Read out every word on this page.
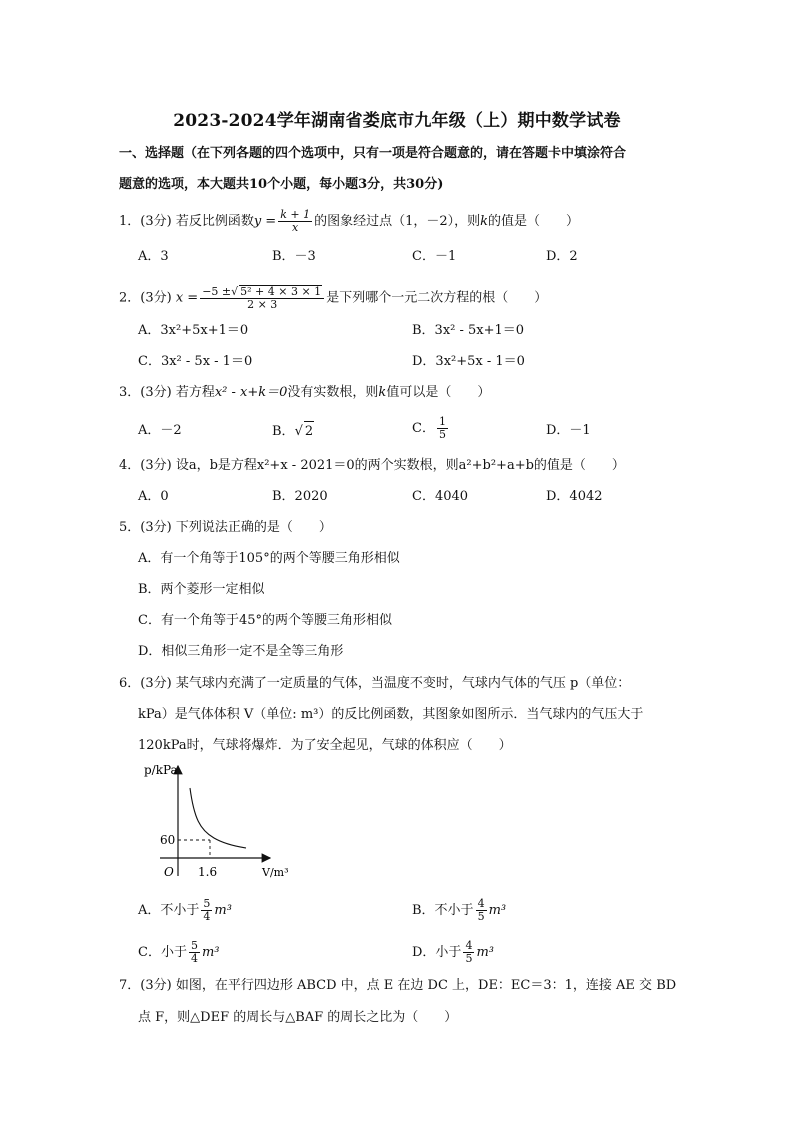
2023-2024学年湖南省娄底市九年级（上）期中数学试卷
一、选择题（在下列各题的四个选项中，只有一项是符合题意的，请在答题卡中填涂符合
题意的选项，本大题共10个小题，每小题3分，共30分)
1．(3分) 若反比例函数$y = \frac{k + 1}{x}$ 的图象经过点（1，－2），则k的值是（　　）
A．3	B．－3	C．－1	D．2
2．(3分) $x = \frac{\text{−5 ±√ 5² + 4 × 3 × 1}}{2 \times 3}$ 是下列哪个一元二次方程的根（　　）
A．3x²+5x+1＝0	B．3x² - 5x+1＝0
C．3x² - 5x - 1＝0	D．3x²+5x - 1＝0
3．(3分) 若方程x² - x+k＝0没有实数根，则k值可以是（　　）
A．－2	B．√ 2	C． $\frac{1}{5}$	D．－1
4．(3分) 设a，b是方程x²+x - 2021＝0的两个实数根，则a²+b²+a+b的值是（　　）
A．0	B．2020	C．4040	D．4042
5．(3分) 下列说法正确的是（　　）
A．有一个角等于105°的两个等腰三角形相似
B．两个菱形一定相似
C．有一个角等于45°的两个等腰三角形相似
D．相似三角形一定不是全等三角形
6．(3分) 某气球内充满了一定质量的气体，当温度不变时，气球内气体的气压 p（单位：
kPa）是气体体积 V（单位: m³）的反比例函数，其图象如图所示．当气球内的气压大于
120kPa时，气球将爆炸．为了安全起见，气球的体积应（　　）
p/kPa
60
1.6
O	V/m³
A．不小于 $\frac{5}{4} m^3$	B．不小于 $\frac{4}{5} m^3$
C．小于 $\frac{5}{4} m^3$	D．小于 $\frac{4}{5} m^3$
7．(3分) 如图，在平行四边形 ABCD 中，点 E 在边 DC 上，DE：EC＝3：1，连接 AE 交 BD
点 F，则△DEF 的周长与△BAF 的周长之比为（　　）
